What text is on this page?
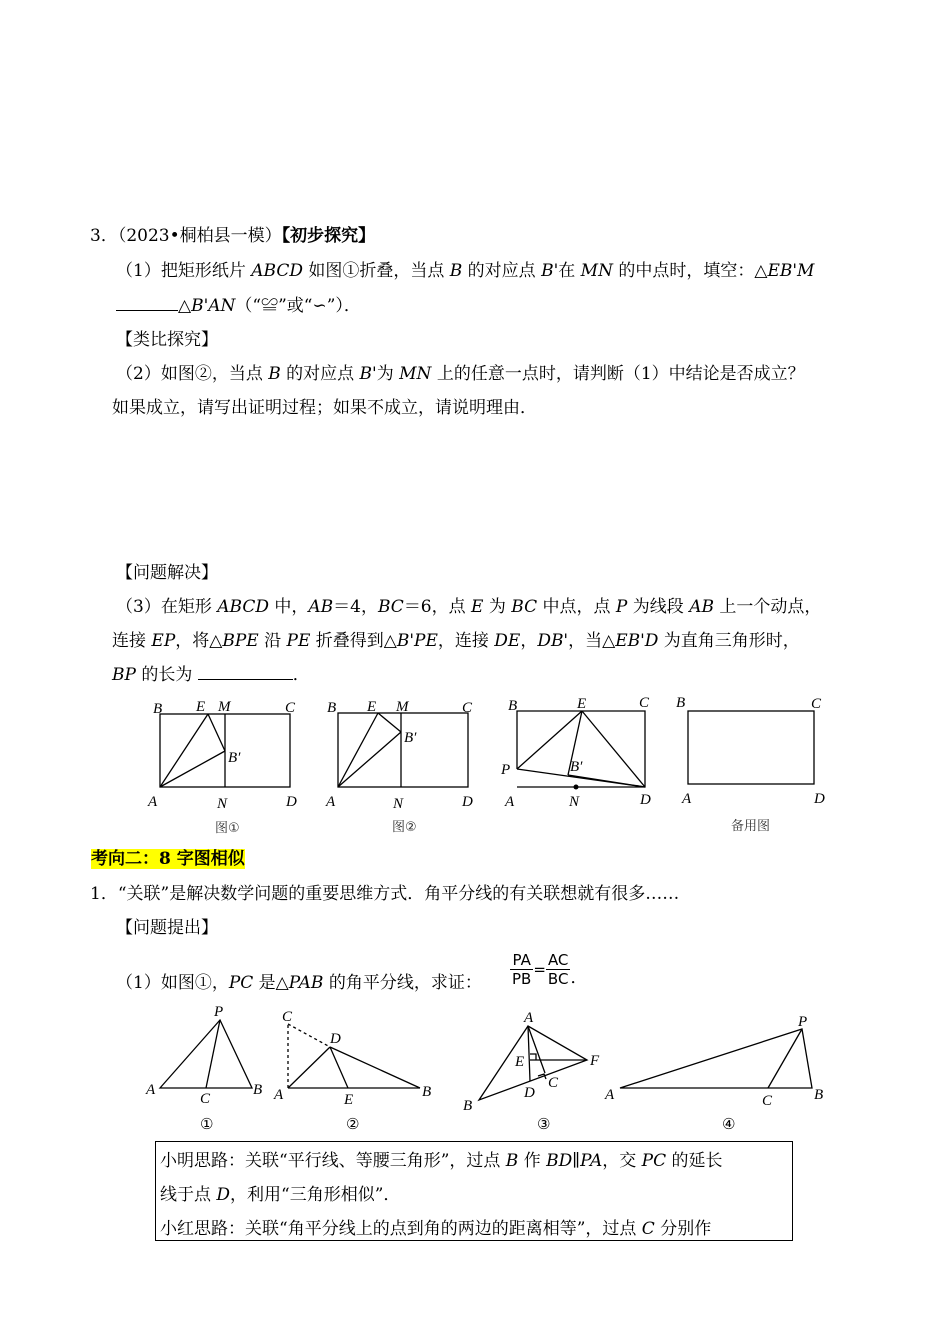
3．（2023•桐柏县一模）【初步探究】
（1）把矩形纸片 ABCD 如图①折叠，当点 B 的对应点 B'在 MN 的中点时，填空：△EB'M
△B'AN（“≌”或“∽”）．
【类比探究】
（2）如图②，当点 B 的对应点 B'为 MN 上的任意一点时，请判断（1）中结论是否成立？
如果成立，请写出证明过程；如果不成立，请说明理由．
【问题解决】
（3）在矩形 ABCD 中，AB＝4，BC＝6，点 E 为 BC 中点，点 P 为线段 AB 上一个动点，
连接 EP，将△BPE 沿 PE 折叠得到△B'PE，连接 DE，DB'，当△EB'D 为直角三角形时，
BP 的长为	．
B E M	C
B′
A	N	D
图①
B E M	C
B′
A	N	D
图②
B	E	C
P	B′
A	N	D
B	C
A	D
备用图
考向二：8 字图相似
1．“关联”是解决数学问题的重要思维方式．角平分线的有关联想就有很多……
【问题提出】
（1）如图①，PC 是△PAB 的角平分线，求证： $\frac{PA}{PB} = \frac{AC}{BC}$ ．
P
A
C
B
①
C
D
A	E	B
②
A
E	F
C
D
B
③
P
A	C	B
④
小明思路：关联“平行线、等腰三角形”，过点 B 作 BD∥PA，交 PC 的延长
线于点 D，利用“三角形相似”．
小红思路：关联“角平分线上的点到角的两边的距离相等”，过点 C 分别作
